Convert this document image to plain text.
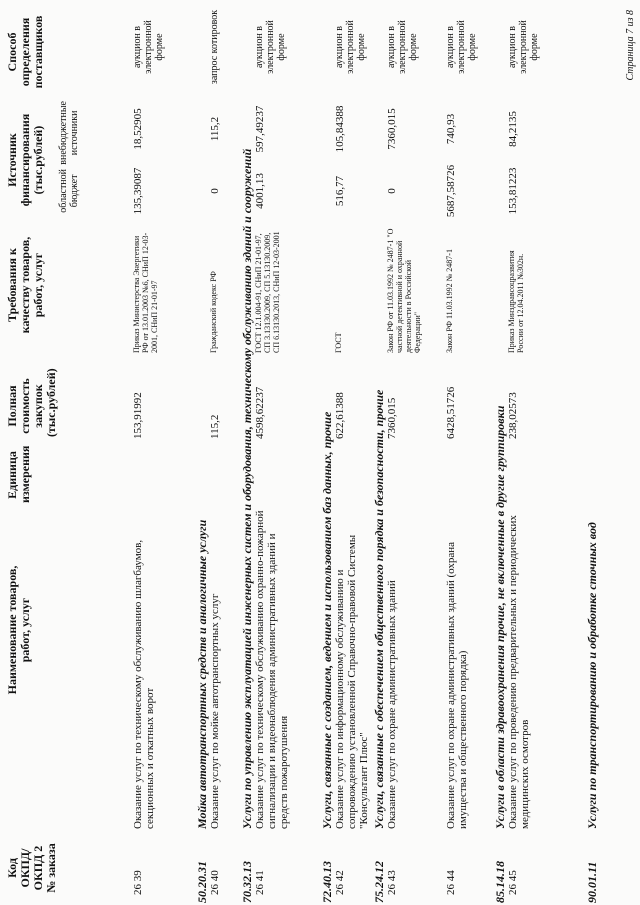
Код ОКПД/ ОКПД 2 № заказа
Наименование товаров, работ, услуг
Единица измерения
Полная стоимость закупок (тыс.рублей)
Требования к качеству товаров, работ, услуг
Источник финансирования (тыс.рублей) областной бюджет
внебюджетные источники
Способ определения поставщиков
26 39
Оказание услуг по техническому обслуживанию шлагбаумов, секционных и откатных ворот
153,91992
Приказ Министерства Энергетики РФ от 13.01.2003 №6, СНиП 12-03-2001, СНиП 21-01-97
135,39087
18,52905
аукцион в электронной форме
50.20.31
Мойка автотранспортных средств и аналогичные услуги
26 40
Оказание услуг по мойке автотранспортных услуг
115,2
Гражданский кодекс РФ
0
115,2
запрос котировок
70.32.13
Услуги по управлению эксплуатацией инженерных систем и оборудования, техническому обслуживанию зданий и сооружений
26 41
Оказание услуг по техническому обслуживанию охранно-пожарной сигнализации и видеонаблюдения административных зданий и средств пожаротушения
4598,62237
ГОСТ 12.1.004-91, СНиП 21-01-97, СП 3.13130.2009, СП 5.13130.2009, СП 6.13130.2013, СНиП 12-03-2001
4001,13
597,49237
аукцион в электронной форме
72.40.13
Услуги, связанные с созданием, ведением и использованием баз данных, прочие
26 42
Оказание услуг по информационному обслуживанию и сопровождению установленной Справочно-правовой Системы "Консультант Плюс"
622,61388
ГОСТ
516,77
105,84388
аукцион в электронной форме
75.24.12
Услуги, связанные с обеспечением общественного порядка и безопасности, прочие
26 43
Оказание услуг по охране административных зданий
7360,015
Закон РФ от 11.03.1992 № 2487-1 "О частной детективной и охранной деятельности в Российской Федерации"
0
7360,015
аукцион в электронной форме
26 44
Оказание услуг по охране административных зданий (охрана имущества и общественного порядка)
6428,51726
Закон РФ 11.03.1992 № 2487-1
5687,58726
740,93
аукцион в электронной форме
85.14.18
Услуги в области здравоохранения прочие, не включенные в другие группировки
26 45
Оказание услуг по проведению предварительных и периодических медицинских осмотров
238,02573
Приказ Минздравсоцразвития России от 12.04.2011 №302н.
153,81223
84,2135
аукцион в электронной форме
90.01.11
Услуги по транспортированию и обработке сточных вод
Страница 7 из 8
